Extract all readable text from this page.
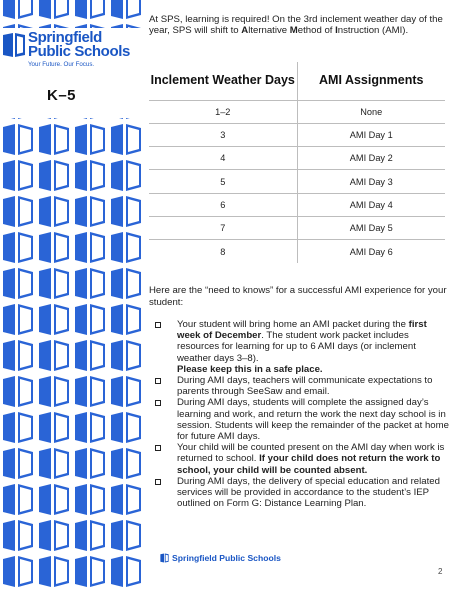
Springfield
Public Schools
Your Future. Our Focus.
K–5

At SPS, learning is required! On the 3rd inclement weather day of the year, SPS will shift to Alternative Method of Instruction (AMI).

Inclement Weather Days	AMI Assignments
1–2	None
3	AMI Day 1
4	AMI Day 2
5	AMI Day 3
6	AMI Day 4
7	AMI Day 5
8	AMI Day 6

Here are the “need to knows” for a successful AMI experience for your student:

Your student will bring home an AMI packet during the first week of December. The student work packet includes resources for learning for up to 6 AMI days (or inclement weather days 3–8).
Please keep this in a safe place.
During AMI days, teachers will communicate expectations to parents through SeeSaw and email.
During AMI days, students will complete the assigned day’s learning and work, and return the work the next day school is in session. Students will keep the remainder of the packet at home for future AMI days.
Your child will be counted present on the AMI day when work is returned to school. If your child does not return the work to school, your child will be counted absent.
During AMI days, the delivery of special education and related services will be provided in accordance to the student’s IEP outlined on Form G: Distance Learning Plan.
Springfield Public Schools
2
